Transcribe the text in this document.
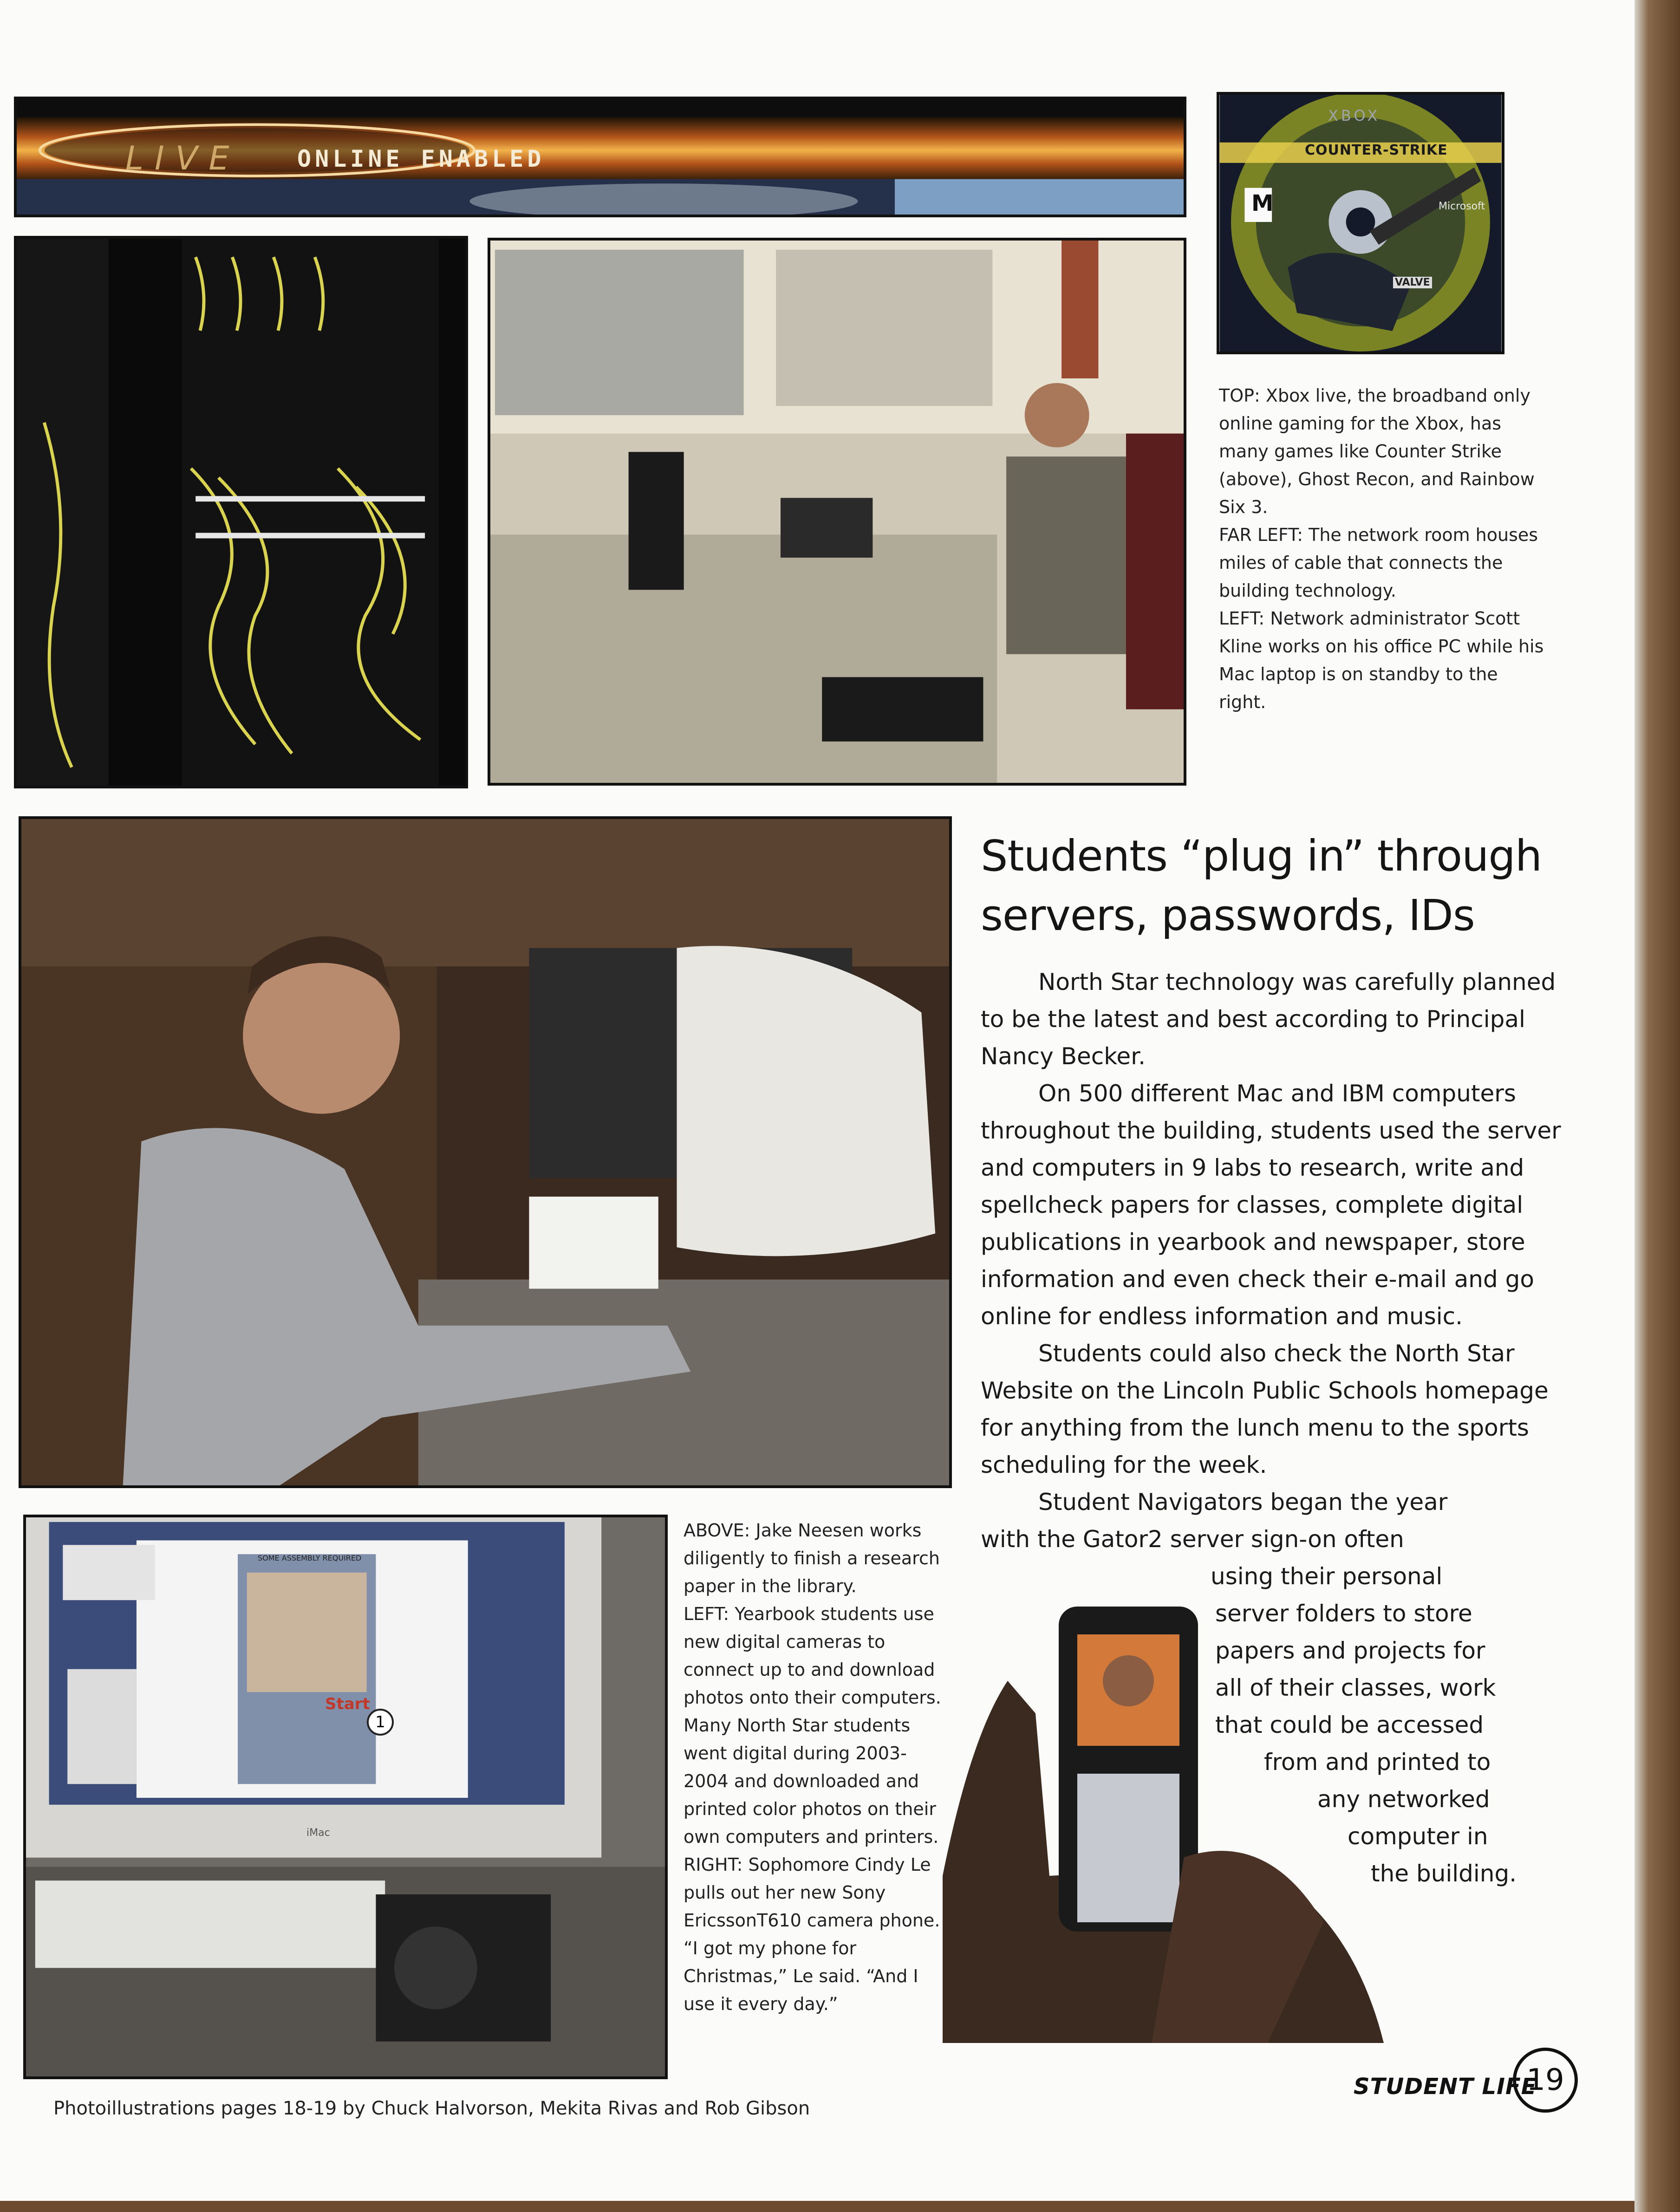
LIVE ONLINE ENABLED
XBOX
COUNTER-STRIKE
M	Microsoft
VALVE

TOP: Xbox live, the broadband only online gaming for the Xbox, has many games like Counter Strike (above), Ghost Recon, and Rainbow Six 3.

FAR LEFT: The network room houses miles of cable that connects the building technology.

LEFT: Network administrator Scott Kline works on his office PC while his Mac laptop is on standby to the right.

SOME ASSEMBLY REQUIRED
Start
1
iMac

ABOVE: Jake Neesen works diligently to finish a research paper in the library.

LEFT: Yearbook students use new digital cameras to connect up to and download photos onto their computers. Many North Star students went digital during 2003-2004 and downloaded and printed color photos on their own computers and printers.

RIGHT: Sophomore Cindy Le pulls out her new Sony EricssonT610 camera phone. “I got my phone for Christmas,” Le said. “And I use it every day.”

Students “plug in” through
servers, passwords, IDs

North Star technology was carefully planned to be the latest and best according to Principal Nancy Becker.

On 500 different Mac and IBM computers throughout the building, students used the server and computers in 9 labs to research, write and spellcheck papers for classes, complete digital publications in yearbook and newspaper, store information and even check their e-mail and go online for endless information and music.

Students could also check the North Star Website on the Lincoln Public Schools homepage for anything from the lunch menu to the sports scheduling for the week.

Student Navigators began the year
with the Gator2 server sign-on often
using their personal
server folders to store
papers and projects for
all of their classes, work
that could be accessed
from and printed to
any networked
computer in
the building.
Photoillustrations pages 18-19 by Chuck Halvorson, Mekita Rivas and Rob Gibson
STUDENT LIFE
19
